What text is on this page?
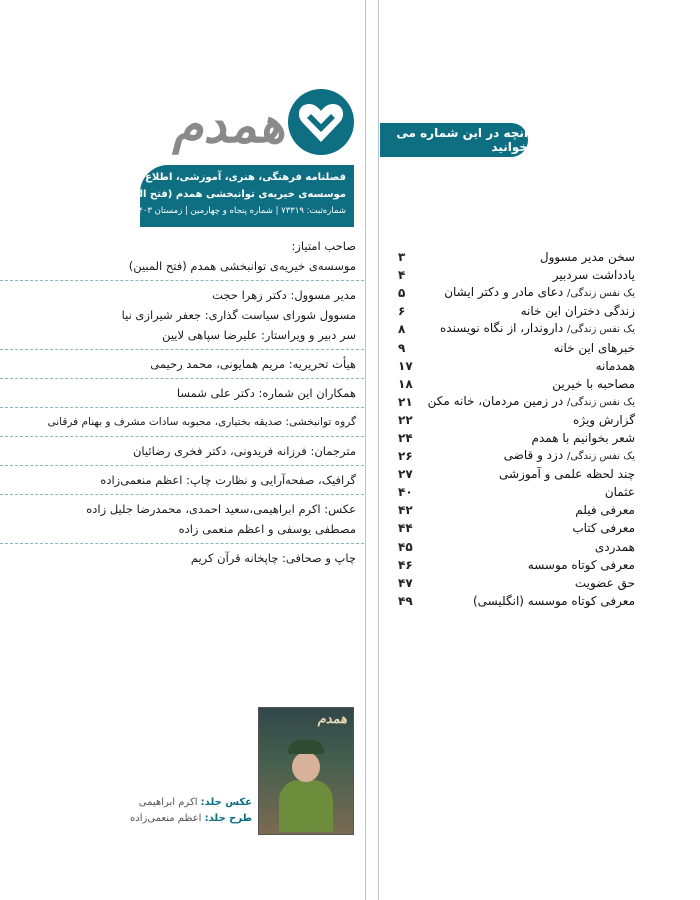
همدم
فصلنامه فرهنگی، هنری، آموزشی، اطلاع رسانی
موسسه‌ی خیریه‌ی توانبخشی همدم (فتح المبین)
شماره‌ثبت: ۷۳۳۱۹ | شماره پنجاه و چهارمین | زمستان ۱۴۰۳
آنچه در این شماره می خوانید
۳	سخن مدیر مسوول
۴	یادداشت سردبیر
۵	یک نفس زندگی/ دعای مادر و دکتر ایشان
۶	زندگی دختران این خانه
۸	یک نفس زندگی/ داروندار، از نگاه نویسنده
۹	خبرهای این خانه
۱۷	همدمانه
۱۸	مصاحبه با خیرین
۲۱	یک نفس زندگی/ در زمین مردمان، خانه مکن
۲۲	گزارش ویژه
۲۴	شعر بخوانیم با همدم
۲۶	یک نفس زندگی/ دزد و قاضی
۲۷	چند لحظه علمی و آموزشی
۴۰	عثمان
۴۲	معرفی فیلم
۴۴	معرفی کتاب
۴۵	همدردی
۴۶	معرفی کوتاه موسسه
۴۷	حق عضویت
۴۹	معرفی کوتاه موسسه (انگلیسی)
صاحب امتیاز:
موسسه‌ی خیریه‌ی توانبخشی همدم (فتح المبین)
مدیر مسوول: دکتر زهرا حجت
مسوول شورای سیاست گذاری: جعفر شیرازی نیا
سر دبیر و ویراستار: علیرضا سپاهی لایین
هیأت تحریریه: مریم همایونی، محمد رحیمی
همکاران این شماره: دکتر علی شمسا
گروه توانبخشی: صدیقه بختیاری، محبوبه سادات مشرف و بهنام فرقانی
مترجمان: فرزانه فریدونی، دکتر فخری رضائیان
گرافیک، صفحه‌آرایی و نظارت چاپ: اعظم منعمی‌زاده
عکس: اکرم ابراهیمی،سعید احمدی، محمدرضا جلیل زاده
مصطفی یوسفی و اعظم منعمی زاده
چاپ و صحافی: چاپخانه قرآن کریم
همدم
عکس جلد: اکرم ابراهیمی
طرح جلد: اعظم منعمی‌زاده
